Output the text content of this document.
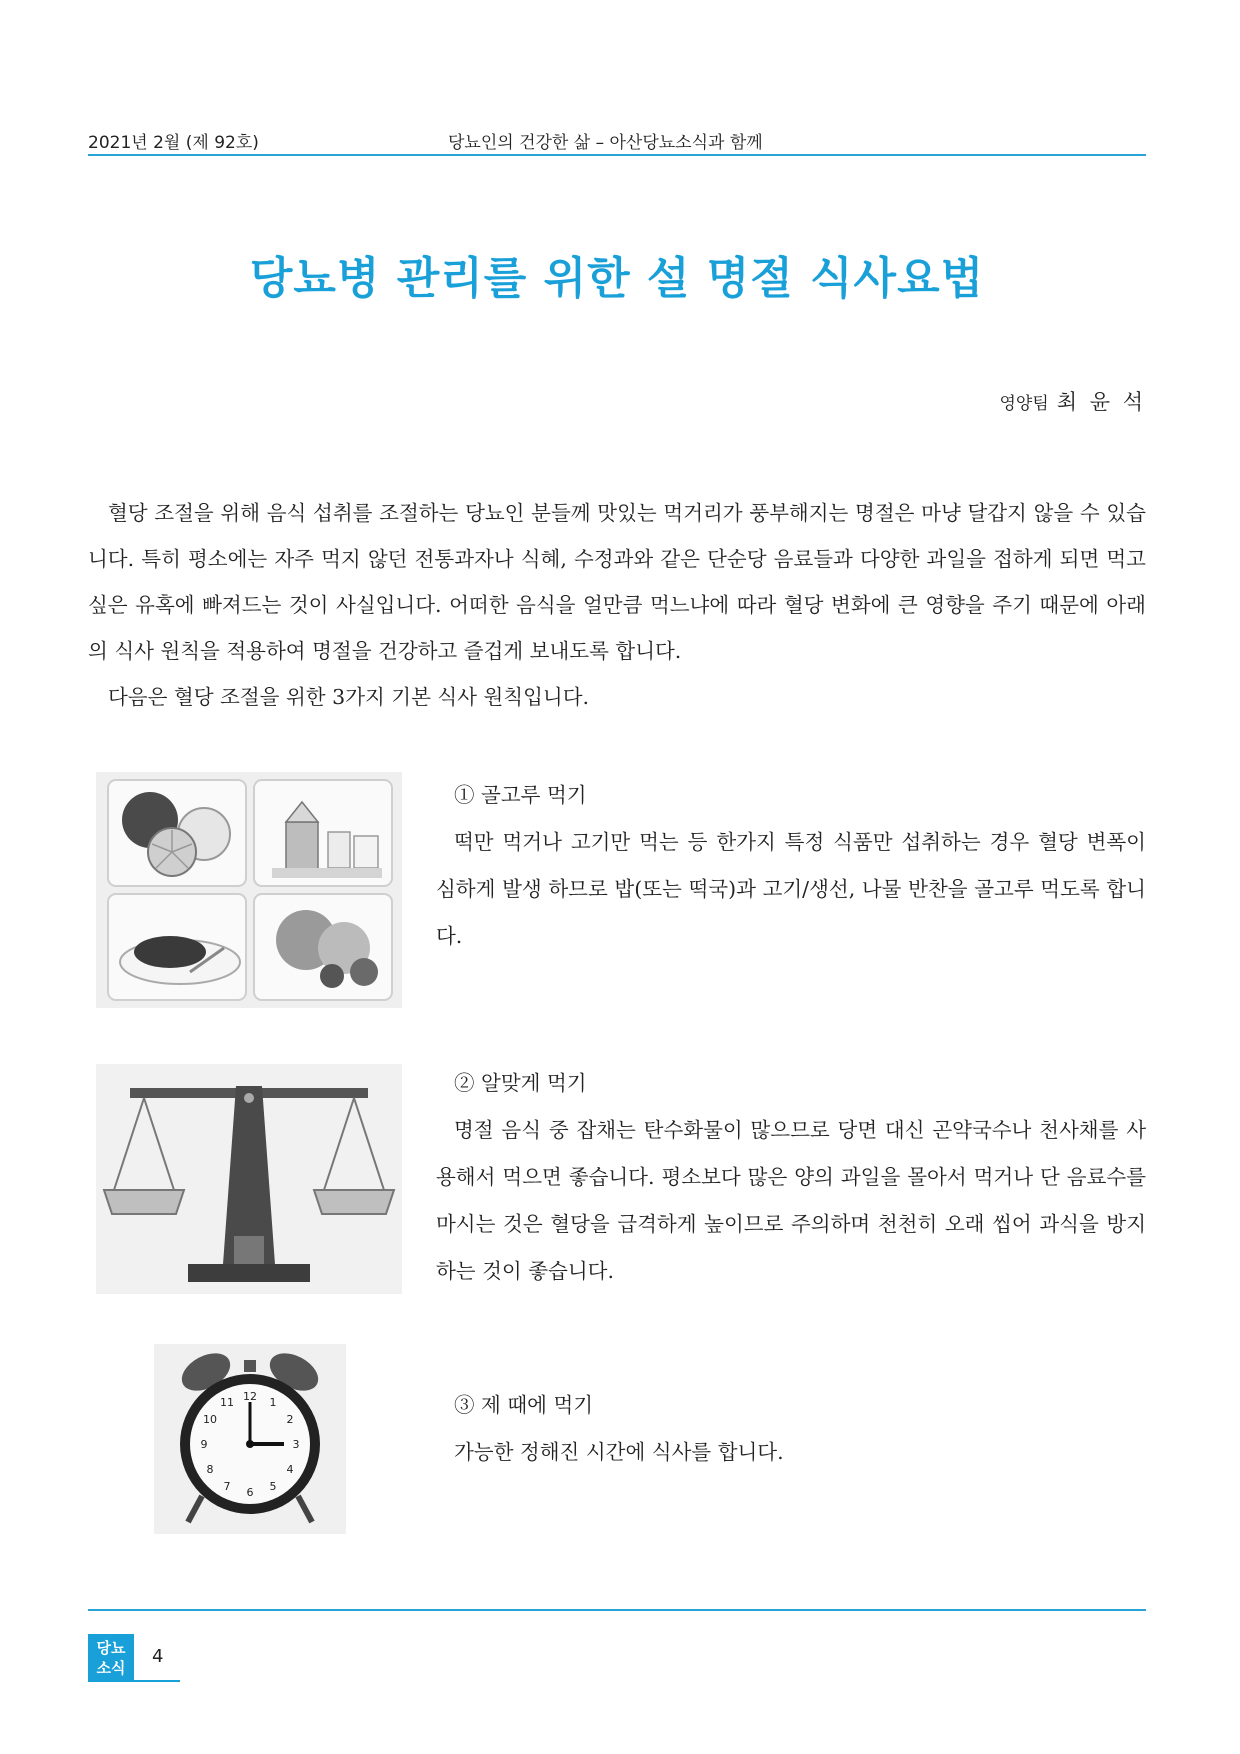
2021년 2월 (제 92호)	당뇨인의 건강한 삶 – 아산당뇨소식과 함께
당뇨병 관리를 위한 설 명절 식사요법
영양팀 최 윤 석

혈당 조절을 위해 음식 섭취를 조절하는 당뇨인 분들께 맛있는 먹거리가 풍부해지는 명절은 마냥 달갑지 않을 수 있습니다. 특히 평소에는 자주 먹지 않던 전통과자나 식혜, 수정과와 같은 단순당 음료들과 다양한 과일을 접하게 되면 먹고 싶은 유혹에 빠져드는 것이 사실입니다. 어떠한 음식을 얼만큼 먹느냐에 따라 혈당 변화에 큰 영향을 주기 때문에 아래의 식사 원칙을 적용하여 명절을 건강하고 즐겁게 보내도록 합니다.

다음은 혈당 조절을 위한 3가지 기본 식사 원칙입니다.

① 골고루 먹기

떡만 먹거나 고기만 먹는 등 한가지 특정 식품만 섭취하는 경우 혈당 변폭이 심하게 발생 하므로 밥(또는 떡국)과 고기/생선, 나물 반찬을 골고루 먹도록 합니다.

② 알맞게 먹기

명절 음식 중 잡채는 탄수화물이 많으므로 당면 대신 곤약국수나 천사채를 사용해서 먹으면 좋습니다. 평소보다 많은 양의 과일을 몰아서 먹거나 단 음료수를 마시는 것은 혈당을 급격하게 높이므로 주의하며 천천히 오래 씹어 과식을 방지하는 것이 좋습니다.

12 1
2
3
4
5
6
7
8
9
10
11	③ 제 때에 먹기

가능한 정해진 시간에 식사를 합니다.

당뇨
소식
4
